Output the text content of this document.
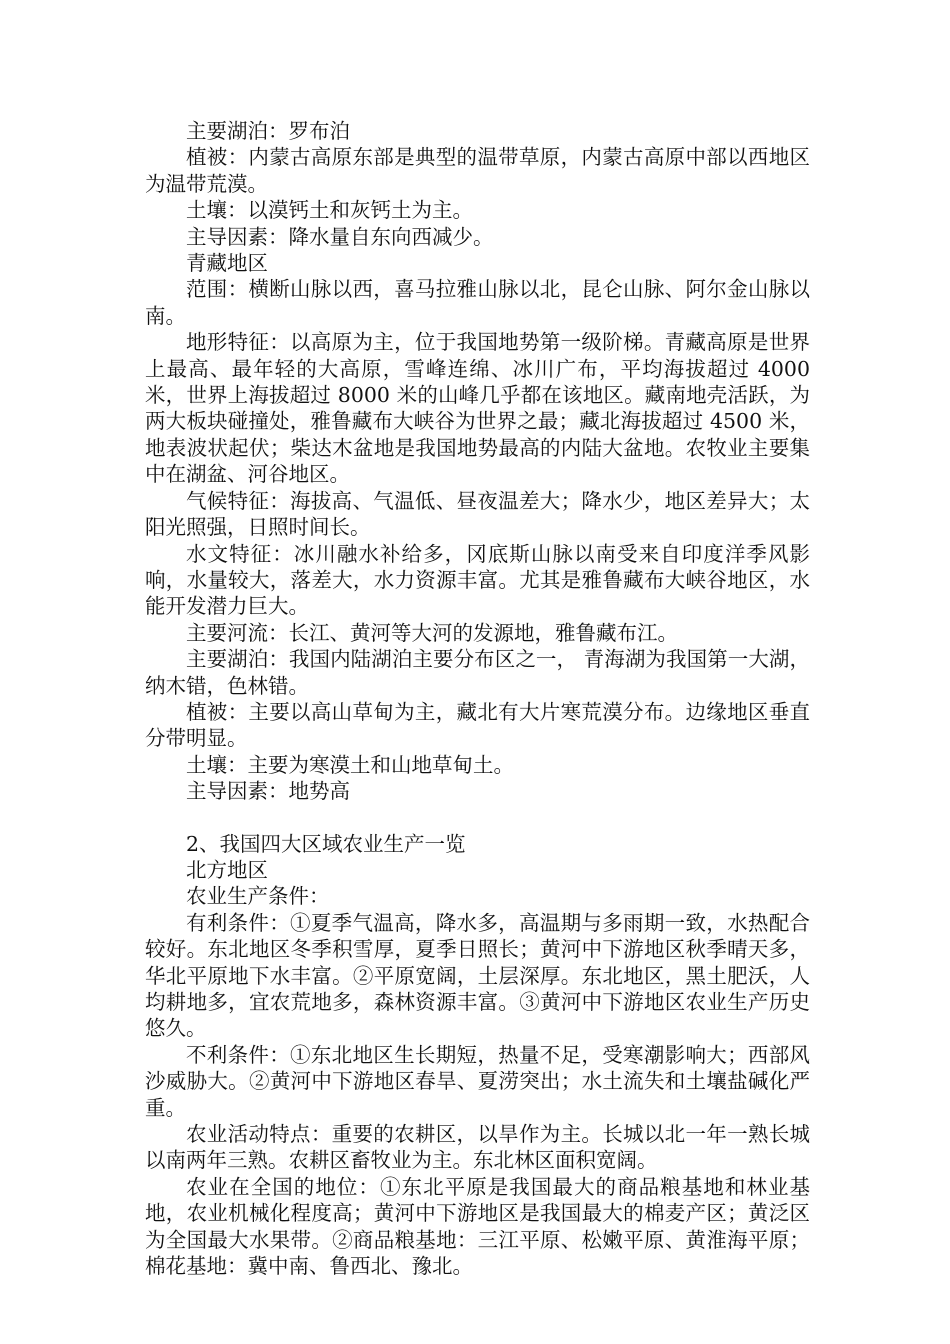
主要湖泊：罗布泊

植被：内蒙古高原东部是典型的温带草原，内蒙古高原中部以西地区为温带荒漠。

土壤：以漠钙土和灰钙土为主。

主导因素：降水量自东向西减少。

青藏地区

范围：横断山脉以西，喜马拉雅山脉以北，昆仑山脉、阿尔金山脉以南。

地形特征：以高原为主，位于我国地势第一级阶梯。青藏高原是世界上最高、最年轻的大高原，雪峰连绵、冰川广布，平均海拔超过 4000 米，世界上海拔超过 8000 米的山峰几乎都在该地区。藏南地壳活跃，为两大板块碰撞处，雅鲁藏布大峡谷为世界之最；藏北海拔超过 4500 米，地表波状起伏；柴达木盆地是我国地势最高的内陆大盆地。农牧业主要集中在湖盆、河谷地区。

气候特征：海拔高、气温低、昼夜温差大；降水少，地区差异大；太阳光照强，日照时间长。

水文特征：冰川融水补给多，冈底斯山脉以南受来自印度洋季风影响，水量较大，落差大，水力资源丰富。尤其是雅鲁藏布大峡谷地区，水能开发潜力巨大。

主要河流：长江、黄河等大河的发源地，雅鲁藏布江。

主要湖泊：我国内陆湖泊主要分布区之一， 青海湖为我国第一大湖，纳木错，色林错。

植被：主要以高山草甸为主，藏北有大片寒荒漠分布。边缘地区垂直分带明显。

土壤：主要为寒漠土和山地草甸土。

主导因素：地势高

2、我国四大区域农业生产一览

北方地区

农业生产条件：

有利条件：①夏季气温高，降水多，高温期与多雨期一致，水热配合较好。东北地区冬季积雪厚，夏季日照长；黄河中下游地区秋季晴天多，华北平原地下水丰富。②平原宽阔，土层深厚。东北地区，黑土肥沃，人均耕地多，宜农荒地多，森林资源丰富。③黄河中下游地区农业生产历史悠久。

不利条件：①东北地区生长期短，热量不足，受寒潮影响大；西部风沙威胁大。②黄河中下游地区春旱、夏涝突出；水土流失和土壤盐碱化严重。

农业活动特点：重要的农耕区，以旱作为主。长城以北一年一熟长城以南两年三熟。农耕区畜牧业为主。东北林区面积宽阔。

农业在全国的地位：①东北平原是我国最大的商品粮基地和林业基地，农业机械化程度高；黄河中下游地区是我国最大的棉麦产区；黄泛区为全国最大水果带。②商品粮基地：三江平原、松嫩平原、黄淮海平原；棉花基地：冀中南、鲁西北、豫北。
